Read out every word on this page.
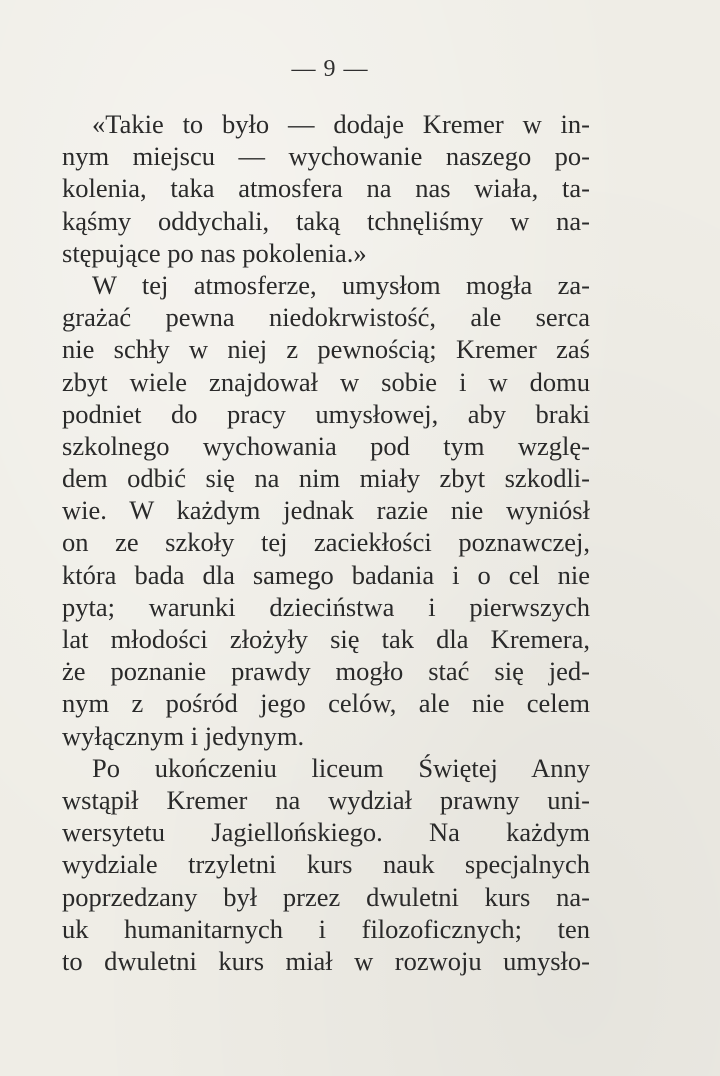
— 9 —
«Takie to było — dodaje Kremer w in-
nym miejscu — wychowanie naszego po-
kolenia, taka atmosfera na nas wiała, ta-
kąśmy oddychali, taką tchnęliśmy w na-
stępujące po nas pokolenia.»
W tej atmosferze, umysłom mogła za-
grażać pewna niedokrwistość, ale serca
nie schły w niej z pewnością; Kremer zaś
zbyt wiele znajdował w sobie i w domu
podniet do pracy umysłowej, aby braki
szkolnego wychowania pod tym wzglę-
dem odbić się na nim miały zbyt szkodli-
wie. W każdym jednak razie nie wyniósł
on ze szkoły tej zaciekłości poznawczej,
która bada dla samego badania i o cel nie
pyta; warunki dzieciństwa i pierwszych
lat młodości złożyły się tak dla Kremera,
że poznanie prawdy mogło stać się jed-
nym z pośród jego celów, ale nie celem
wyłącznym i jedynym.
Po ukończeniu liceum Świętej Anny
wstąpił Kremer na wydział prawny uni-
wersytetu Jagiellońskiego. Na każdym
wydziale trzyletni kurs nauk specjalnych
poprzedzany był przez dwuletni kurs na-
uk humanitarnych i filozoficznych; ten
to dwuletni kurs miał w rozwoju umysło-
